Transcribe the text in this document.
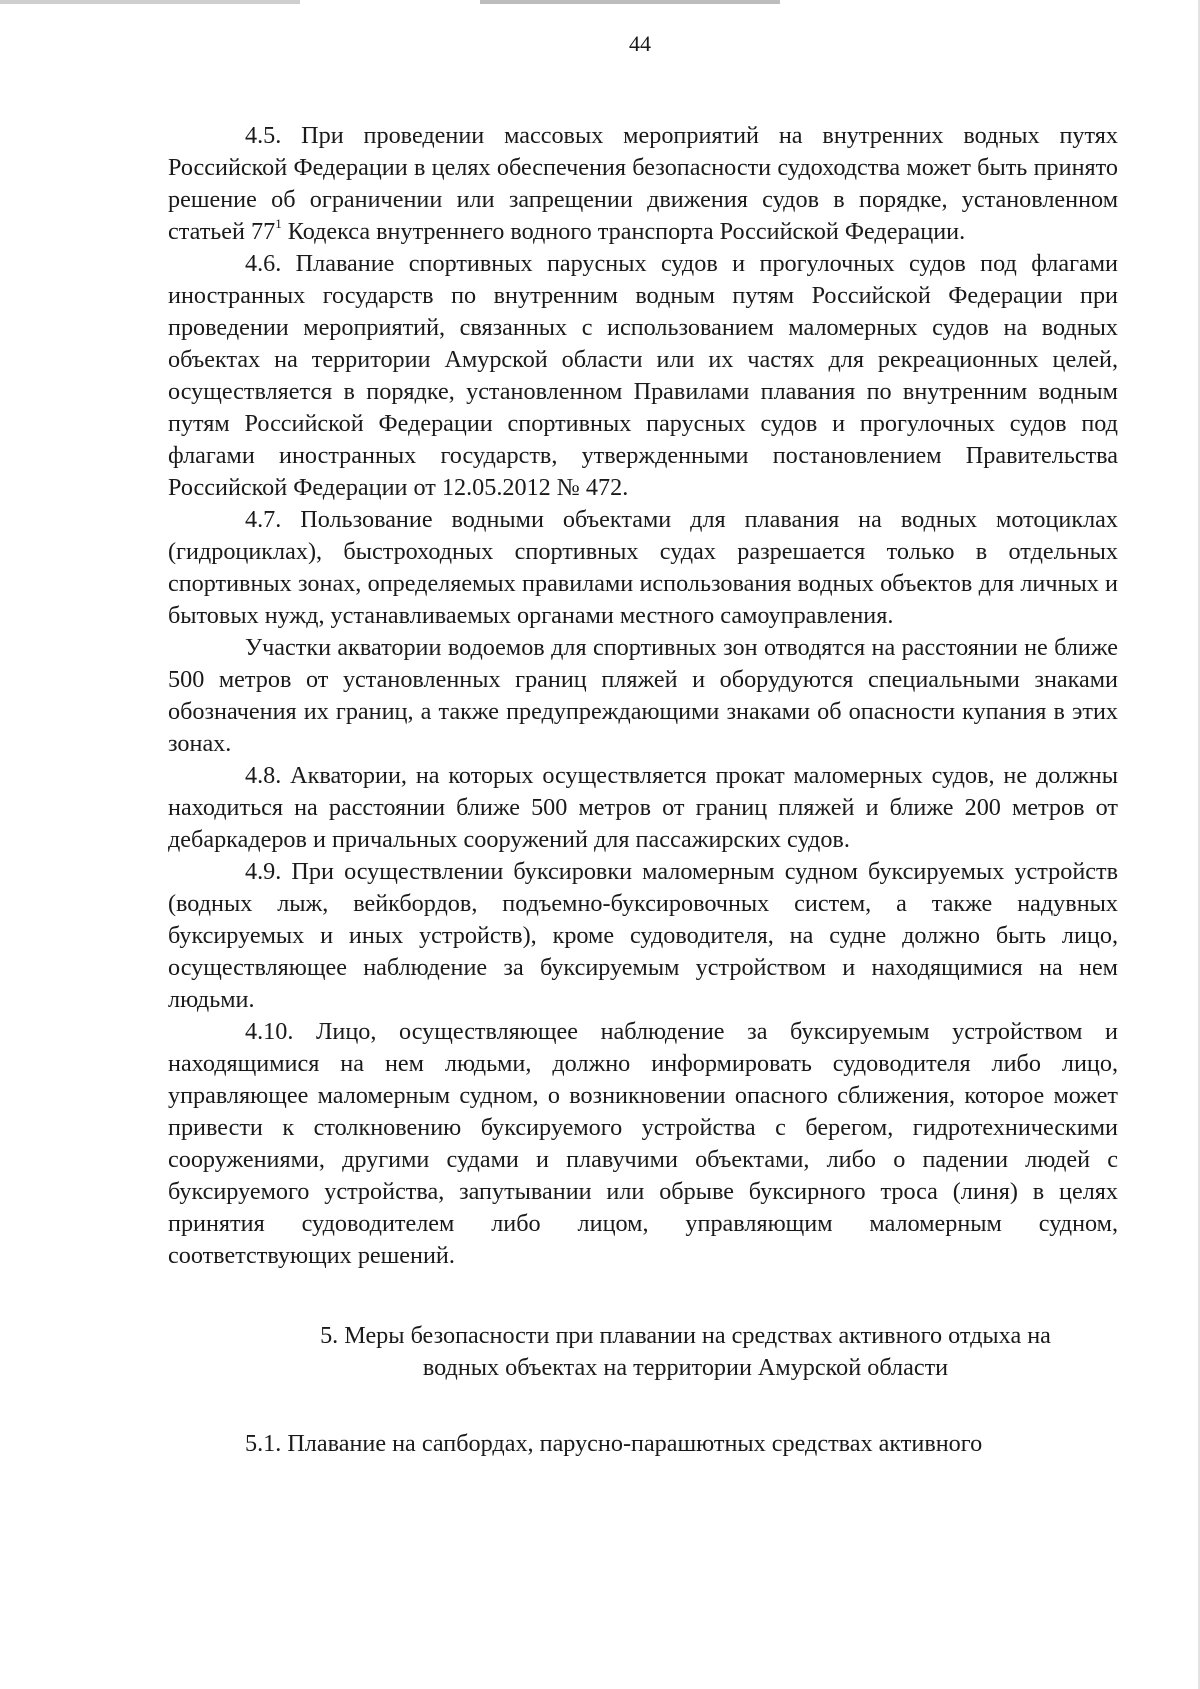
44

4.5. При проведении массовых мероприятий на внутренних водных путях Российской Федерации в целях обеспечения безопасности судоходства может быть принято решение об ограничении или запрещении движения судов в порядке, установленном статьей $77^1$ Кодекса внутреннего водного транспорта Российской Федерации.

4.6. Плавание спортивных парусных судов и прогулочных судов под флагами иностранных государств по внутренним водным путям Российской Федерации при проведении мероприятий, связанных с использованием маломерных судов на водных объектах на территории Амурской области или их частях для рекреационных целей, осуществляется в порядке, установленном Правилами плавания по внутренним водным путям Российской Федерации спортивных парусных судов и прогулочных судов под флагами иностранных государств, утвержденными постановлением Правительства Российской Федерации от 12.05.2012 № 472.

4.7. Пользование водными объектами для плавания на водных мотоциклах (гидроциклах), быстроходных спортивных судах разрешается только в отдельных спортивных зонах, определяемых правилами использования водных объектов для личных и бытовых нужд, устанавливаемых органами местного самоуправления.

Участки акватории водоемов для спортивных зон отводятся на расстоянии не ближе 500 метров от установленных границ пляжей и оборудуются специальными знаками обозначения их границ, а также предупреждающими знаками об опасности купания в этих зонах.

4.8. Акватории, на которых осуществляется прокат маломерных судов, не должны находиться на расстоянии ближе 500 метров от границ пляжей и ближе 200 метров от дебаркадеров и причальных сооружений для пассажирских судов.

4.9. При осуществлении буксировки маломерным судном буксируемых устройств (водных лыж, вейкбордов, подъемно-буксировочных систем, а также надувных буксируемых и иных устройств), кроме судоводителя, на судне должно быть лицо, осуществляющее наблюдение за буксируемым устройством и находящимися на нем людьми.

4.10. Лицо, осуществляющее наблюдение за буксируемым устройством и находящимися на нем людьми, должно информировать судоводителя либо лицо, управляющее маломерным судном, о возникновении опасного сближения, которое может привести к столкновению буксируемого устройства с берегом, гидротехническими сооружениями, другими судами и плавучими объектами, либо о падении людей с буксируемого устройства, запутывании или обрыве буксирного троса (линя) в целях принятия судоводителем либо лицом, управляющим маломерным судном, соответствующих решений.

5. Меры безопасности при плавании на средствах активного отдыха на
водных объектах на территории Амурской области

5.1. Плавание на сапбордах, парусно-парашютных средствах активного
